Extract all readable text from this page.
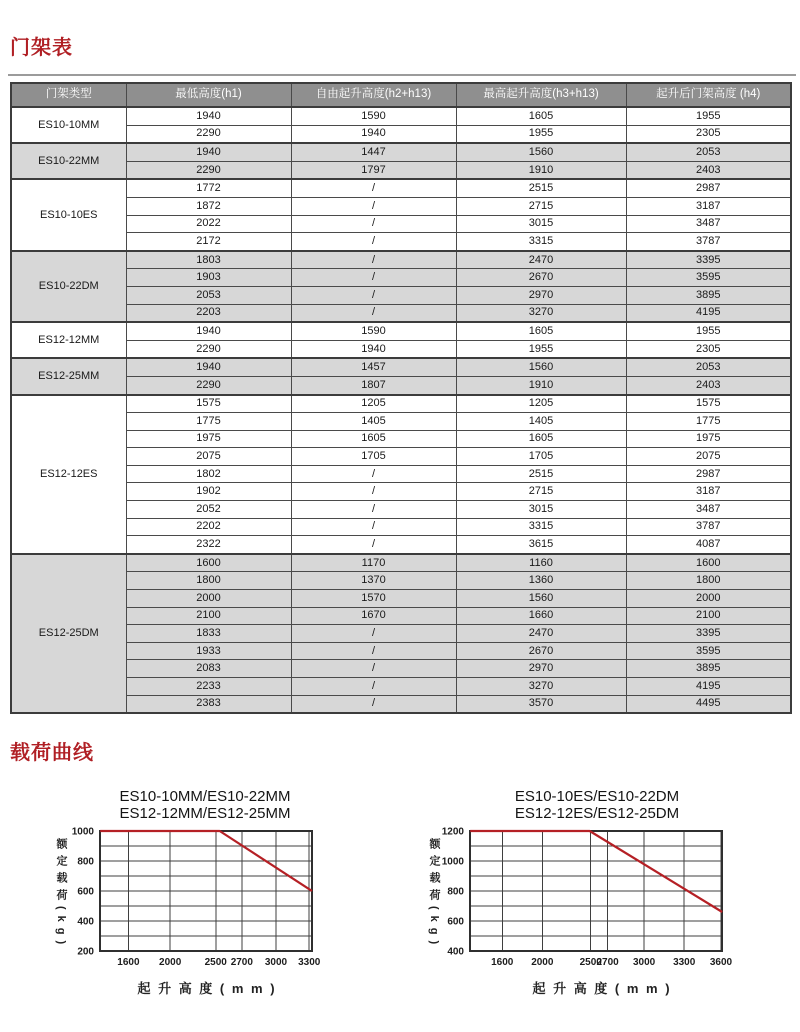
门架表
门架类型	最低高度(h1)	自由起升高度(h2+h13)	最高起升高度(h3+h13)	起升后门架高度 (h4)
ES10-10MM	1940	1590	1605	1955
	2290	1940	1955	2305
ES10-22MM	1940	1447	1560	2053
	2290	1797	1910	2403
ES10-10ES	1772	/	2515	2987
	1872	/	2715	3187
	2022	/	3015	3487
	2172	/	3315	3787
ES10-22DM	1803	/	2470	3395
	1903	/	2670	3595
	2053	/	2970	3895
	2203	/	3270	4195
ES12-12MM	1940	1590	1605	1955
	2290	1940	1955	2305
ES12-25MM	1940	1457	1560	2053
	2290	1807	1910	2403
ES12-12ES	1575	1205	1205	1575
	1775	1405	1405	1775
	1975	1605	1605	1975
	2075	1705	1705	2075
	1802	/	2515	2987
	1902	/	2715	3187
	2052	/	3015	3487
	2202	/	3315	3787
	2322	/	3615	4087
ES12-25DM	1600	1170	1160	1600
	1800	1370	1360	1800
	2000	1570	1560	2000
	2100	1670	1660	2100
	1833	/	2470	3395
	1933	/	2670	3595
	2083	/	2970	3895
	2233	/	3270	4195
	2383	/	3570	4495
载荷曲线
ES10-10MM/ES10-22MM
ES12-12MM/ES12-25MM
额定载荷(kg)
起 升 高 度 ( m m )
1000
800
600
400
200
1600 2000 2500 2700 3000 3300
ES10-10ES/ES10-22DM
ES12-12ES/ES12-25DM
额定载荷(kg)
起 升 高 度 ( m m )
1200
1000
800
600
400
1600 2000	2500
2700 3000 3300 3600
